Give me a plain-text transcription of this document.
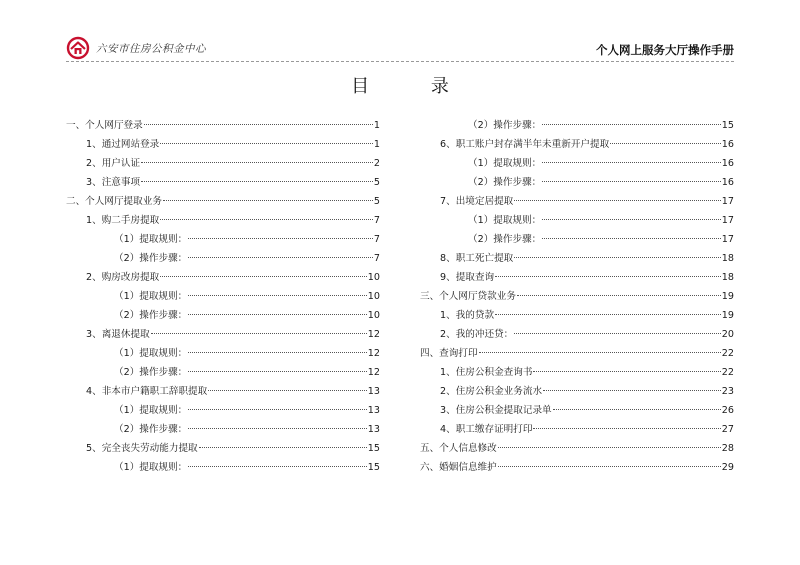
六安市住房公积金中心	个人网上服务大厅操作手册
目 录
一、个人网厅登录	1
1、通过网站登录	1
2、用户认证	2
3、注意事项	5
二、个人网厅提取业务	5
1、购二手房提取	7
（1）提取规则：	7
（2）操作步骤：	7
2、购房改房提取	10
（1）提取规则：	10
（2）操作步骤：	10
3、离退休提取	12
（1）提取规则：	12
（2）操作步骤：	12
4、非本市户籍职工辞职提取	13
（1）提取规则：	13
（2）操作步骤：	13
5、完全丧失劳动能力提取	15
（1）提取规则：	15
（2）操作步骤：	15
6、职工账户封存满半年未重新开户提取	16
（1）提取规则：	16
（2）操作步骤：	16
7、出境定居提取	17
（1）提取规则：	17
（2）操作步骤：	17
8、职工死亡提取	18
9、提取查询	18
三、个人网厅贷款业务	19
1、我的贷款	19
2、我的冲还贷：	20
四、查询打印	22
1、住房公积金查询书	22
2、住房公积金业务流水	23
3、住房公积金提取记录单	26
4、职工缴存证明打印	27
五、个人信息修改	28
六、婚姻信息维护	29
